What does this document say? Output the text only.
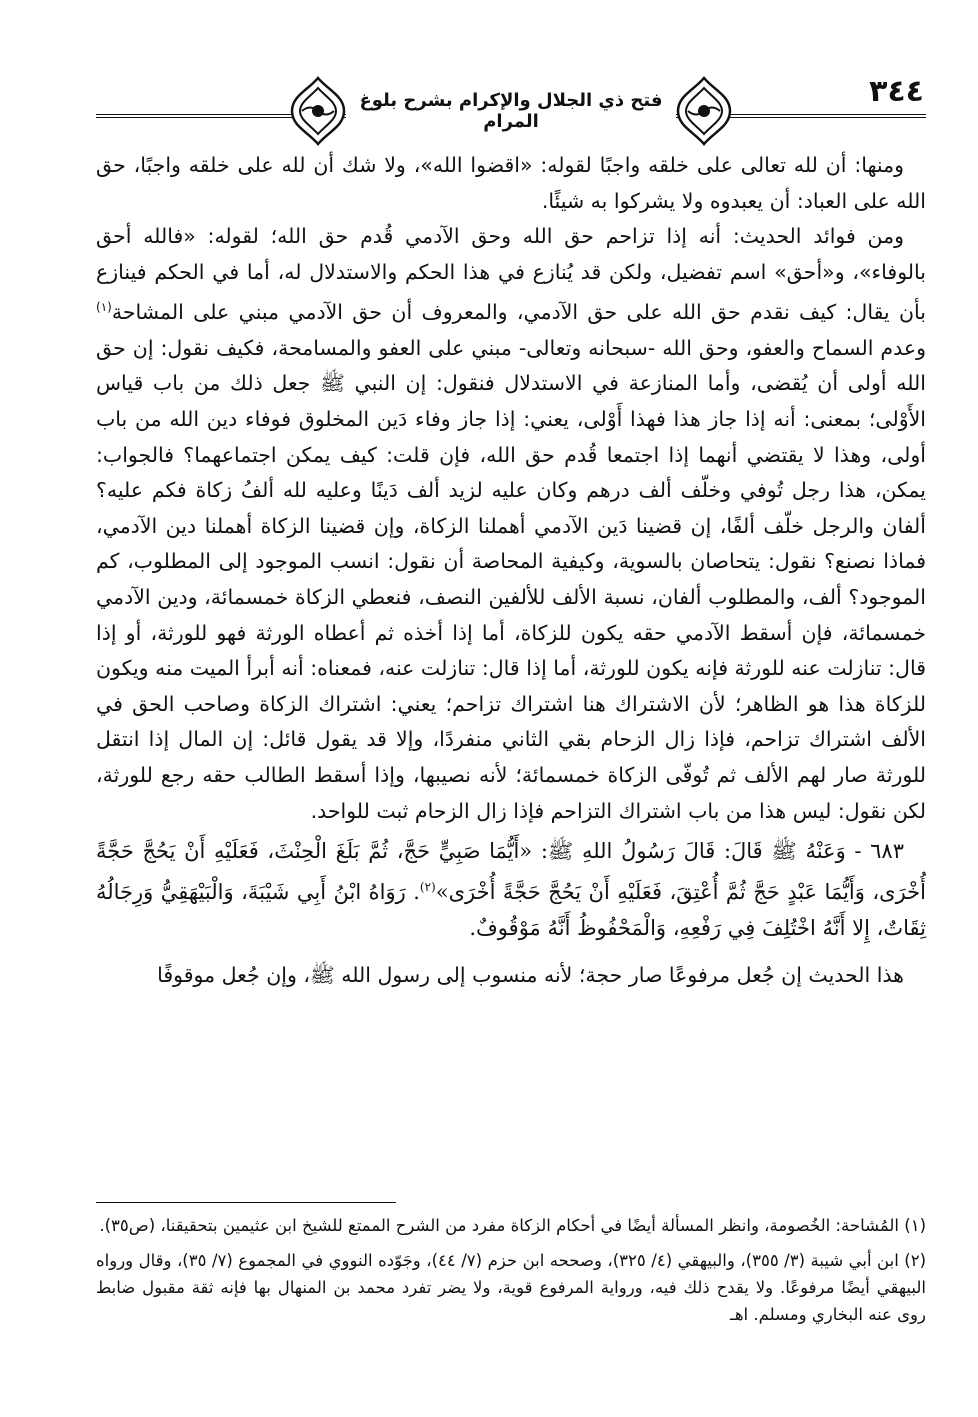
فتح ذي الجلال والإكرام بشرح بلوغ المرام
٣٤٤

ومنها: أن لله تعالى على خلقه واجبًا لقوله: «اقضوا الله»، ولا شك أن لله على خلقه واجبًا، حق الله على العباد: أن يعبدوه ولا يشركوا به شيئًا.

ومن فوائد الحديث: أنه إذا تزاحم حق الله وحق الآدمي قُدم حق الله؛ لقوله: «فالله أحق بالوفاء»، و«أحق» اسم تفضيل، ولكن قد يُنازع في هذا الحكم والاستدلال له، أما في الحكم فينازع بأن يقال: كيف نقدم حق الله على حق الآدمي، والمعروف أن حق الآدمي مبني على المشاحة$^{(١)}$ وعدم السماح والعفو، وحق الله -سبحانه وتعالى- مبني على العفو والمسامحة، فكيف نقول: إن حق الله أولى أن يُقضى، وأما المنازعة في الاستدلال فنقول: إن النبي ﷺ جعل ذلك من باب قياس الأَوْلى؛ بمعنى: أنه إذا جاز هذا فهذا أَوْلى، يعني: إذا جاز وفاء دَين المخلوق فوفاء دين الله من باب أولى، وهذا لا يقتضي أنهما إذا اجتمعا قُدم حق الله، فإن قلت: كيف يمكن اجتماعهما؟ فالجواب: يمكن، هذا رجل تُوفي وخلّف ألف درهم وكان عليه لزيد ألف دَينًا وعليه لله ألفُ زكاة فكم عليه؟ ألفان والرجل خلّف ألفًا، إن قضينا دَين الآدمي أهملنا الزكاة، وإن قضينا الزكاة أهملنا دين الآدمي، فماذا نصنع؟ نقول: يتحاصان بالسوية، وكيفية المحاصة أن نقول: انسب الموجود إلى المطلوب، كم الموجود؟ ألف، والمطلوب ألفان، نسبة الألف للألفين النصف، فنعطي الزكاة خمسمائة، ودين الآدمي خمسمائة، فإن أسقط الآدمي حقه يكون للزكاة، أما إذا أخذه ثم أعطاه الورثة فهو للورثة، أو إذا قال: تنازلت عنه للورثة فإنه يكون للورثة، أما إذا قال: تنازلت عنه، فمعناه: أنه أبرأ الميت منه ويكون للزكاة هذا هو الظاهر؛ لأن الاشتراك هنا اشتراك تزاحم؛ يعني: اشتراك الزكاة وصاحب الحق في الألف اشتراك تزاحم، فإذا زال الزحام بقي الثاني منفردًا، وإلا قد يقول قائل: إن المال إذا انتقل للورثة صار لهم الألف ثم تُوفّى الزكاة خمسمائة؛ لأنه نصيبها، وإذا أسقط الطالب حقه رجع للورثة، لكن نقول: ليس هذا من باب اشتراك التزاحم فإذا زال الزحام ثبت للواحد.

٦٨٣ - وَعَنْهُ ﷺ قَالَ: قَالَ رَسُولُ اللهِ ﷺ: «أَيُّمَا صَبِيٍّ حَجَّ، ثُمَّ بَلَغَ الْحِنْثَ، فَعَلَيْهِ أَنْ يَحُجَّ حَجَّةً أُخْرَى، وَأَيُّمَا عَبْدٍ حَجَّ ثُمَّ أُعْتِقَ، فَعَلَيْهِ أَنْ يَحُجَّ حَجَّةً أُخْرَى»$^{(٢)}$. رَوَاهُ ابْنُ أَبِي شَيْبَةَ، وَالْبَيْهَقِيُّ وَرِجَالُهُ ثِقَاتٌ، إِلا أَنَّهُ اخْتُلِفَ فِي رَفْعِهِ، وَالْمَحْفُوظُ أَنَّهُ مَوْقُوفٌ.

هذا الحديث إن جُعل مرفوعًا صار حجة؛ لأنه منسوب إلى رسول الله ﷺ، وإن جُعل موقوفًا

(١) المُشاحة: الخُصومة، وانظر المسألة أيضًا في أحكام الزكاة مفرد من الشرح الممتع للشيخ ابن عثيمين بتحقيقنا، (ص٣٥).

(٢) ابن أبي شيبة (٣/ ٣٥٥)، والبيهقي (٤/ ٣٢٥)، وصححه ابن حزم (٧/ ٤٤)، وجَوّده النووي في المجموع (٧/ ٣٥)، وقال ورواه البيهقي أيضًا مرفوعًا. ولا يقدح ذلك فيه، ورواية المرفوع قوية، ولا يضر تفرد محمد بن المنهال بها فإنه ثقة مقبول ضابط روى عنه البخاري ومسلم. اهـ
